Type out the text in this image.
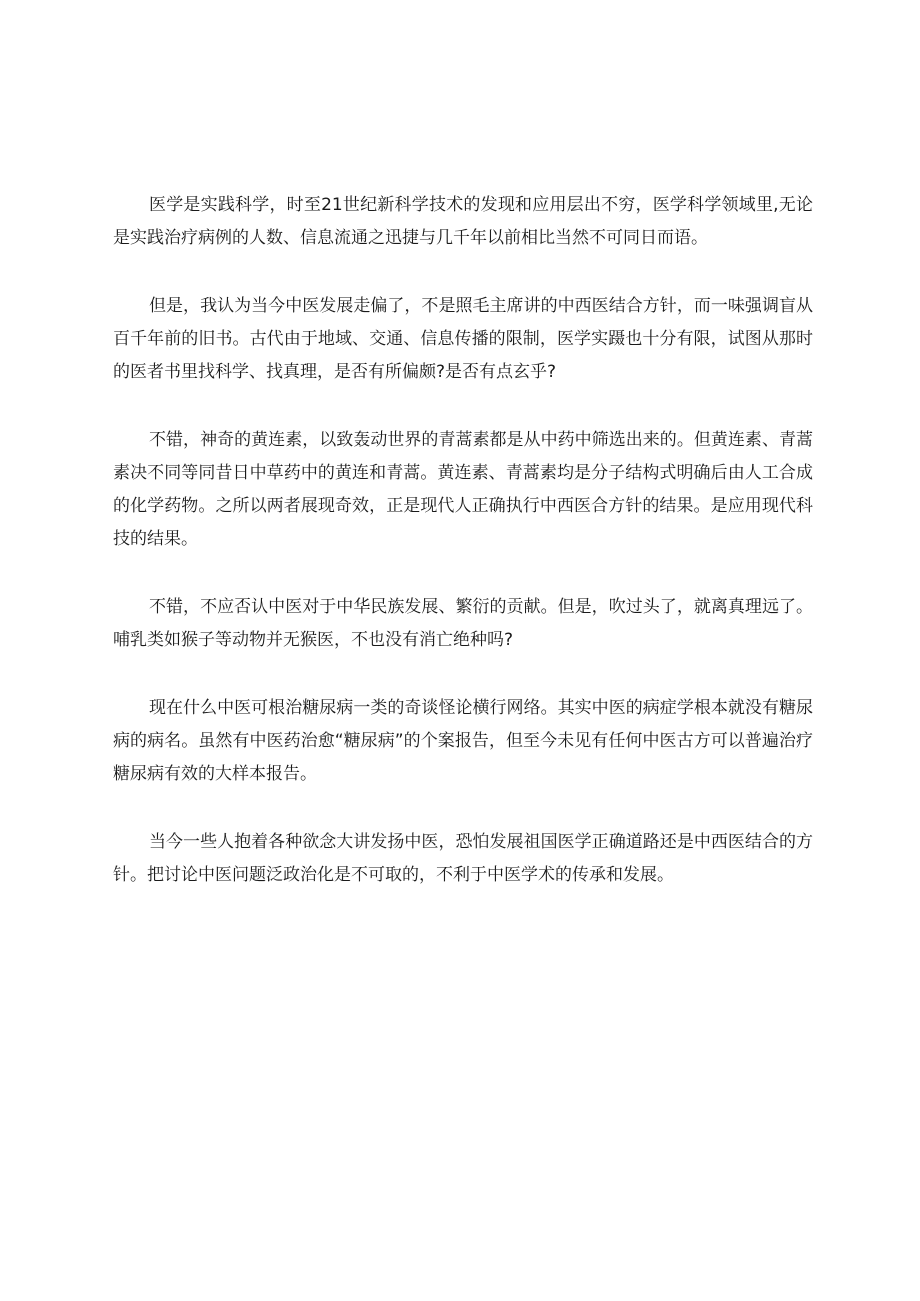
医学是实践科学，时至21世纪新科学技术的发现和应用层出不穷，医学科学领域里,无论是实践治疗病例的人数、信息流通之迅捷与几千年以前相比当然不可同日而语。

但是，我认为当今中医发展走偏了，不是照毛主席讲的中西医结合方针，而一味强调盲从百千年前的旧书。古代由于地域、交通、信息传播的限制，医学实蹑也十分有限，试图从那时的医者书里找科学、找真理，是否有所偏颇?是否有点玄乎?

不错，神奇的黄连素，以致轰动世界的青蒿素都是从中药中筛选出来的。但黄连素、青蒿素决不同等同昔日中草药中的黄连和青蒿。黄连素、青蒿素均是分子结构式明确后由人工合成的化学药物。之所以两者展现奇效，正是现代人正确执行中西医合方针的结果。是应用现代科技的结果。

不错，不应否认中医对于中华民族发展、繁衍的贡献。但是，吹过头了，就离真理远了。哺乳类如猴子等动物并无猴医，不也没有消亡绝种吗?

现在什么中医可根治糖尿病一类的奇谈怪论横行网络。其实中医的病症学根本就没有糖尿病的病名。虽然有中医药治愈“糖尿病”的个案报告，但至今未见有任何中医古方可以普遍治疗糖尿病有效的大样本报告。

当今一些人抱着各种欲念大讲发扬中医，恐怕发展祖国医学正确道路还是中西医结合的方针。把讨论中医问题泛政治化是不可取的，不利于中医学术的传承和发展。
